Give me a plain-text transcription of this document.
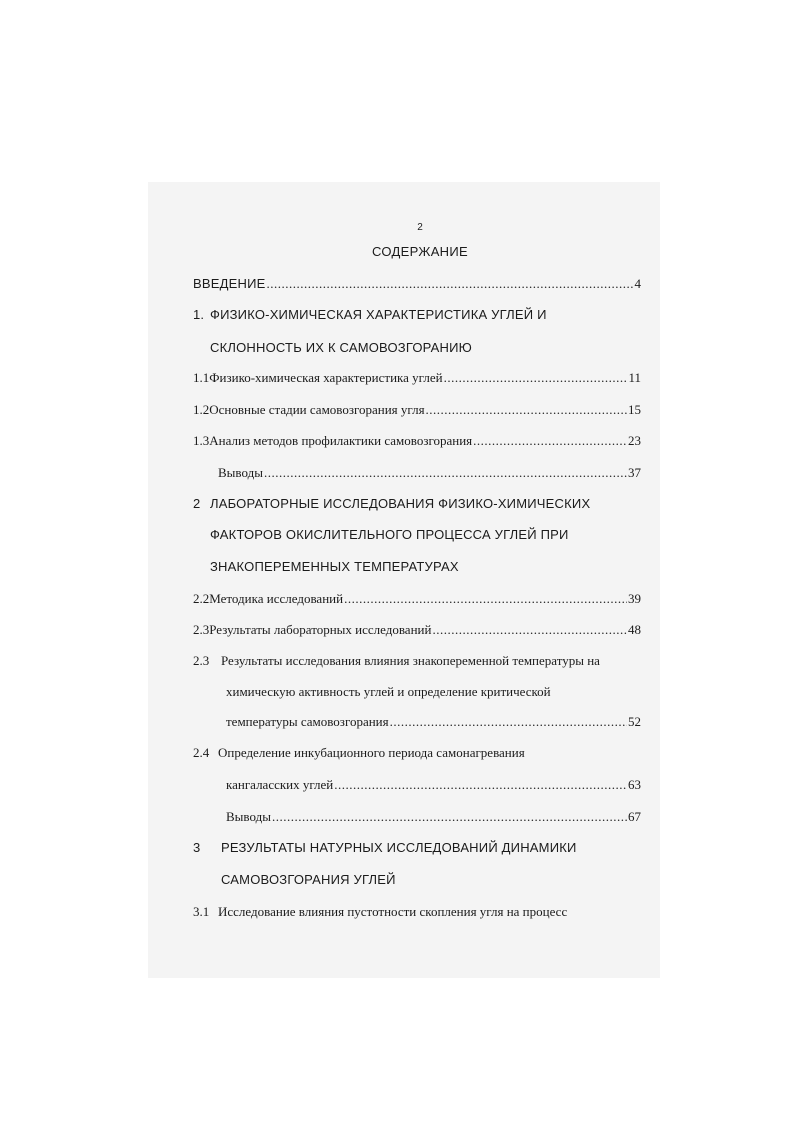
2
СОДЕРЖАНИЕ
ВВЕДЕНИЕ .....	4
1. ФИЗИКО-ХИМИЧЕСКАЯ ХАРАКТЕРИСТИКА УГЛЕЙ И
СКЛОННОСТЬ ИХ К САМОВОЗГОРАНИЮ
1.1 Физико-химическая характеристика углей .....	11
1.2 Основные стадии самовозгорания угля .....	15
1.3 Анализ методов профилактики самовозгорания .....	23
Выводы .....	37
2 ЛАБОРАТОРНЫЕ ИССЛЕДОВАНИЯ ФИЗИКО-ХИМИЧЕСКИХ
ФАКТОРОВ ОКИСЛИТЕЛЬНОГО ПРОЦЕССА УГЛЕЙ ПРИ
ЗНАКОПЕРЕМЕННЫХ ТЕМПЕРАТУРАХ
2.2 Методика исследований .....	39
2.3 Результаты лабораторных исследований .....	48
2.3 Результаты исследования влияния знакопеременной температуры на
химическую активность углей и определение критической
температуры самовозгорания .....	52
2.4 Определение инкубационного периода самонагревания
кангаласских углей .....	63
Выводы .....	67
3 РЕЗУЛЬТАТЫ НАТУРНЫХ ИССЛЕДОВАНИЙ ДИНАМИКИ
САМОВОЗГОРАНИЯ УГЛЕЙ
3.1 Исследование влияния пустотности скопления угля на процесс
